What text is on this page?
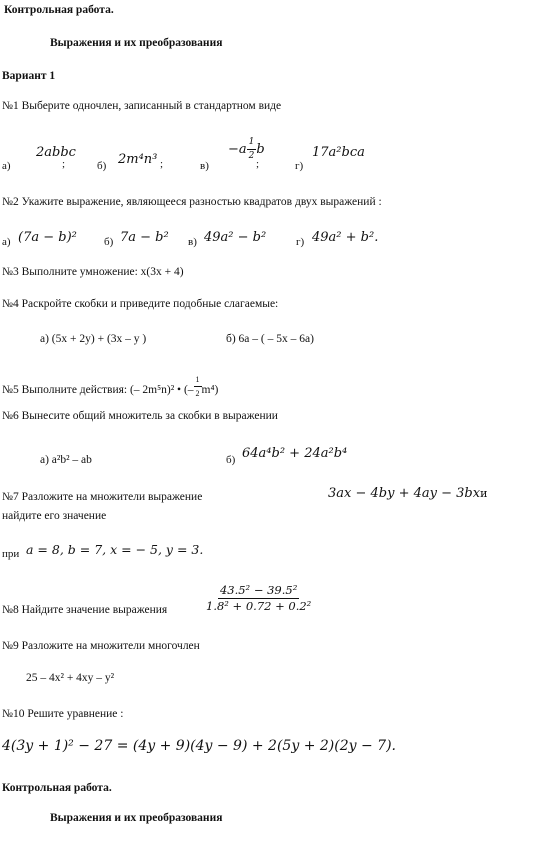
Контрольная работа.
Выражения и их преобразования
Вариант 1
№1 Выберите одночлен, записанный в стандартном виде
а)
2abbc
;	б) 2m⁴n³ ;	в)
$-a \frac{1}{2}$ b
;	г)
17a²bca
№2 Укажите выражение, являющееся разностью квадратов двух выражений :
а) (7a − b)² б) 7a − b² в) 49a² − b²	г) 49a² + b².
№3 Выполните умножение: x(3x + 4)
№4 Раскройте скобки и приведите подобные слагаемые:
а) (5x + 2y) + (3x – y )	б) 6a – ( – 5x – 6a)
№5 Выполните действия: (– 2m⁵n)² • (– $\frac{1}{2} m^4$)
№6 Вынесите общий множитель за скобки в выражении
а) a²b² – ab	б) 64a⁴b² + 24a²b⁴
№7 Разложите на множители выражение	3ax − 4by + 4ay − 3bxи
найдите его значение
при a = 8, b = 7, x = − 5, y = 3.
№8 Найдите значение выражения	$\frac{\text{43.5² − 39.5²}}{\text{1.8² + 0.72 + 0.2²}}$
№9 Разложите на множители многочлен
25 – 4x² + 4xy – y²
№10 Решите уравнение :
4(3y + 1)² − 27 = (4y + 9)(4y − 9) + 2(5y + 2)(2y − 7).
Контрольная работа.
Выражения и их преобразования
